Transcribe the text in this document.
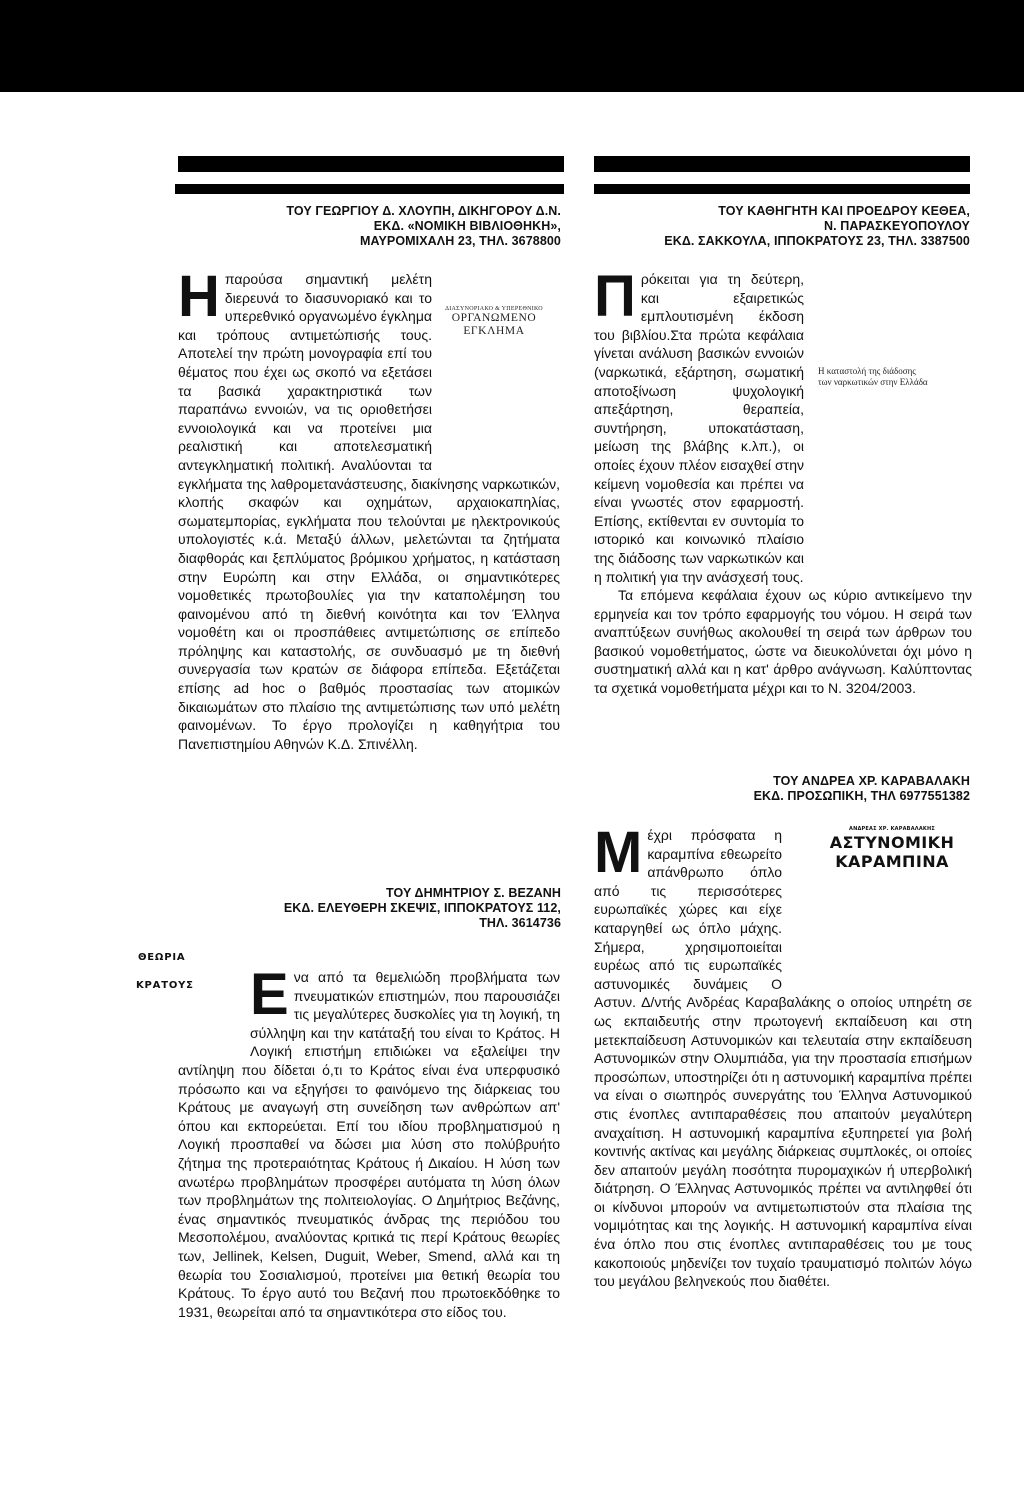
ΤΟΥ ΓΕΩΡΓΙΟΥ Δ. ΧΛΟΥΠΗ, ΔΙΚΗΓΟΡΟΥ Δ.Ν.
ΕΚΔ. «ΝΟΜΙΚΗ ΒΙΒΛΙΟΘΗΚΗ»,
ΜΑΥΡΟΜΙΧΑΛΗ 23, ΤΗΛ. 3678800
ΔΙΑΣΥΝΟΡΙΑΚΟ & ΥΠΕΡΕΘΝΙΚΟ
ΟΡΓΑΝΩΜΕΝΟ
ΕΓΚΛΗΜΑ
Η παρούσα σημαντική μελέτη διερευνά το διασυνοριακό και το υπερεθνικό οργανωμένο έγκλημα και τρόπους αντιμετώπισής τους. Αποτελεί την πρώτη μονογραφία επί του θέματος που έχει ως σκοπό να εξετάσει τα βασικά χαρακτηριστικά των παραπάνω εννοιών, να τις οριοθετήσει εννοιολογικά και να προτείνει μια ρεαλιστική και αποτελεσματική αντεγκληματική πολιτική. Αναλύονται τα εγκλήματα της λαθρομετανάστευσης, διακίνησης ναρκωτικών, κλοπής σκαφών και οχημάτων, αρχαιοκαπηλίας, σωματεμπορίας, εγκλήματα που τελούνται με ηλεκτρονικούς υπολογιστές κ.ά. Μεταξύ άλλων, μελετώνται τα ζητήματα διαφθοράς και ξεπλύματος βρόμικου χρήματος, η κατάσταση στην Ευρώπη και στην Ελλάδα, οι σημαντικότερες νομοθετικές πρωτοβουλίες για την καταπολέμηση του φαινομένου από τη διεθνή κοινότητα και τον Έλληνα νομοθέτη και οι προσπάθειες αντιμετώπισης σε επίπεδο πρόληψης και καταστολής, σε συνδυασμό με τη διεθνή συνεργασία των κρατών σε διάφορα επίπεδα. Εξετάζεται επίσης ad hoc ο βαθμός προστασίας των ατομικών δικαιωμάτων στο πλαίσιο της αντιμετώπισης των υπό μελέτη φαινομένων. Το έργο προλογίζει η καθηγήτρια του Πανεπιστημίου Αθηνών Κ.Δ. Σπινέλλη.
ΤΟΥ ΚΑΘΗΓΗΤΗ ΚΑΙ ΠΡΟΕΔΡΟΥ ΚΕΘΕΑ,
Ν. ΠΑΡΑΣΚΕΥΟΠΟΥΛΟΥ
ΕΚΔ. ΣΑΚΚΟΥΛΑ, ΙΠΠΟΚΡΑΤΟΥΣ 23, ΤΗΛ. 3387500
Η καταστολή της διάδοσης
των ναρκωτικών στην Ελλάδα
Π ρόκειται για τη δεύτερη, και εξαιρετικώς εμπλουτισμένη έκδοση του βιβλίου.Στα πρώτα κεφάλαια γίνεται ανάλυση βασικών εννοιών (ναρκωτικά, εξάρτηση, σωματική αποτοξίνωση ψυχολογική απεξάρτηση, θεραπεία, συντήρηση, υποκατάσταση, μείωση της βλάβης κ.λπ.), οι οποίες έχουν πλέον εισαχθεί στην κείμενη νομοθεσία και πρέπει να είναι γνωστές στον εφαρμοστή. Επίσης, εκτίθενται εν συντομία το ιστορικό και κοινωνικό πλαίσιο της διάδοσης των ναρκωτικών και η πολιτική για την ανάσχεσή τους.
Τα επόμενα κεφάλαια έχουν ως κύριο αντικείμενο την ερμηνεία και τον τρόπο εφαρμογής του νόμου. Η σειρά των αναπτύξεων συνήθως ακολουθεί τη σειρά των άρθρων του βασικού νομοθετήματος, ώστε να διευκολύνεται όχι μόνο η συστηματική αλλά και η κατ' άρθρο ανάγνωση. Καλύπτοντας τα σχετικά νομοθετήματα μέχρι και το Ν. 3204/2003.
ΤΟΥ ΔΗΜΗΤΡΙΟΥ Σ. ΒΕΖΑΝΗ
ΕΚΔ. ΕΛΕΥΘΕΡΗ ΣΚΕΨΙΣ, ΙΠΠΟΚΡΑΤΟΥΣ 112,
ΤΗΛ. 3614736
ΘΕΩΡΙΑ
ΚΡΑΤΟΥΣ Ε να από τα θεμελιώδη προβλήματα των πνευματικών επιστημών, που παρουσιάζει τις μεγαλύτερες δυσκολίες για τη λογική, τη σύλληψη και την κατάταξή του είναι το Κράτος. Η Λογική επιστήμη επιδιώκει να εξαλείψει την αντίληψη που δίδεται ό,τι το Κράτος είναι ένα υπερφυσικό πρόσωπο και να εξηγήσει το φαινόμενο της διάρκειας του Κράτους με αναγωγή στη συνείδηση των ανθρώπων απ' όπου και εκπορεύεται. Επί του ιδίου προβληματισμού η Λογική προσπαθεί να δώσει μια λύση στο πολύβρυήτο ζήτημα της προτεραιότητας Κράτους ή Δικαίου. Η λύση των ανωτέρω προβλημάτων προσφέρει αυτόματα τη λύση όλων των προβλημάτων της πολιτειολογίας. Ο Δημήτριος Βεζάνης, ένας σημαντικός πνευματικός άνδρας της περιόδου του Μεσοπολέμου, αναλύοντας κριτικά τις περί Κράτους θεωρίες των, Jellinek, Kelsen, Duguit, Weber, Smend, αλλά και τη θεωρία του Σοσιαλισμού, προτείνει μια θετική θεωρία του Κράτους. Το έργο αυτό του Βεζανή που πρωτοεκδόθηκε το 1931, θεωρείται από τα σημαντικότερα στο είδος του.
ΤΟΥ ΑΝΔΡΕΑ ΧΡ. ΚΑΡΑΒΑΛΑΚΗ
ΕΚΔ. ΠΡΟΣΩΠΙΚΗ, ΤΗΛ 6977551382
ΑΝΔΡΕΑΣ ΧΡ. ΚΑΡΑΒΑΛΑΚΗΣ
ΑΣΤΥΝΟΜΙΚΗ
ΚΑΡΑΜΠΙΝΑ
Μ έχρι πρόσφατα η καραμπίνα εθεωρείτο απάνθρωπο όπλο από τις περισσότερες ευρωπαϊκές χώρες και είχε καταργηθεί ως όπλο μάχης. Σήμερα, χρησιμοποιείται ευρέως από τις ευρωπαϊκές αστυνομικές δυνάμεις Ο Αστυν. Δ/ντής Ανδρέας Καραβαλάκης ο οποίος υπηρέτη σε ως εκπαιδευτής στην πρωτογενή εκπαίδευση και στη μετεκπαίδευση Αστυνομικών και τελευταία στην εκπαίδευση Αστυνομικών στην Ολυμπιάδα, για την προστασία επισήμων προσώπων, υποστηρίζει ότι η αστυνομική καραμπίνα πρέπει να είναι ο σιωπηρός συνεργάτης του Έλληνα Αστυνομικού στις ένοπλες αντιπαραθέσεις που απαιτούν μεγαλύτερη αναχαίτιση. Η αστυνομική καραμπίνα εξυπηρετεί για βολή κοντινής ακτίνας και μεγάλης διάρκειας συμπλοκές, οι οποίες δεν απαιτούν μεγάλη ποσότητα πυρομαχικών ή υπερβολική διάτρηση. Ο Έλληνας Αστυνομικός πρέπει να αντιληφθεί ότι οι κίνδυνοι μπορούν να αντιμετωπιστούν στα πλαίσια της νομιμότητας και της λογικής. Η αστυνομική καραμπίνα είναι ένα όπλο που στις ένοπλες αντιπαραθέσεις του με τους κακοποιούς μηδενίζει τον τυχαίο τραυματισμό πολιτών λόγω του μεγάλου βεληνεκούς που διαθέτει.
